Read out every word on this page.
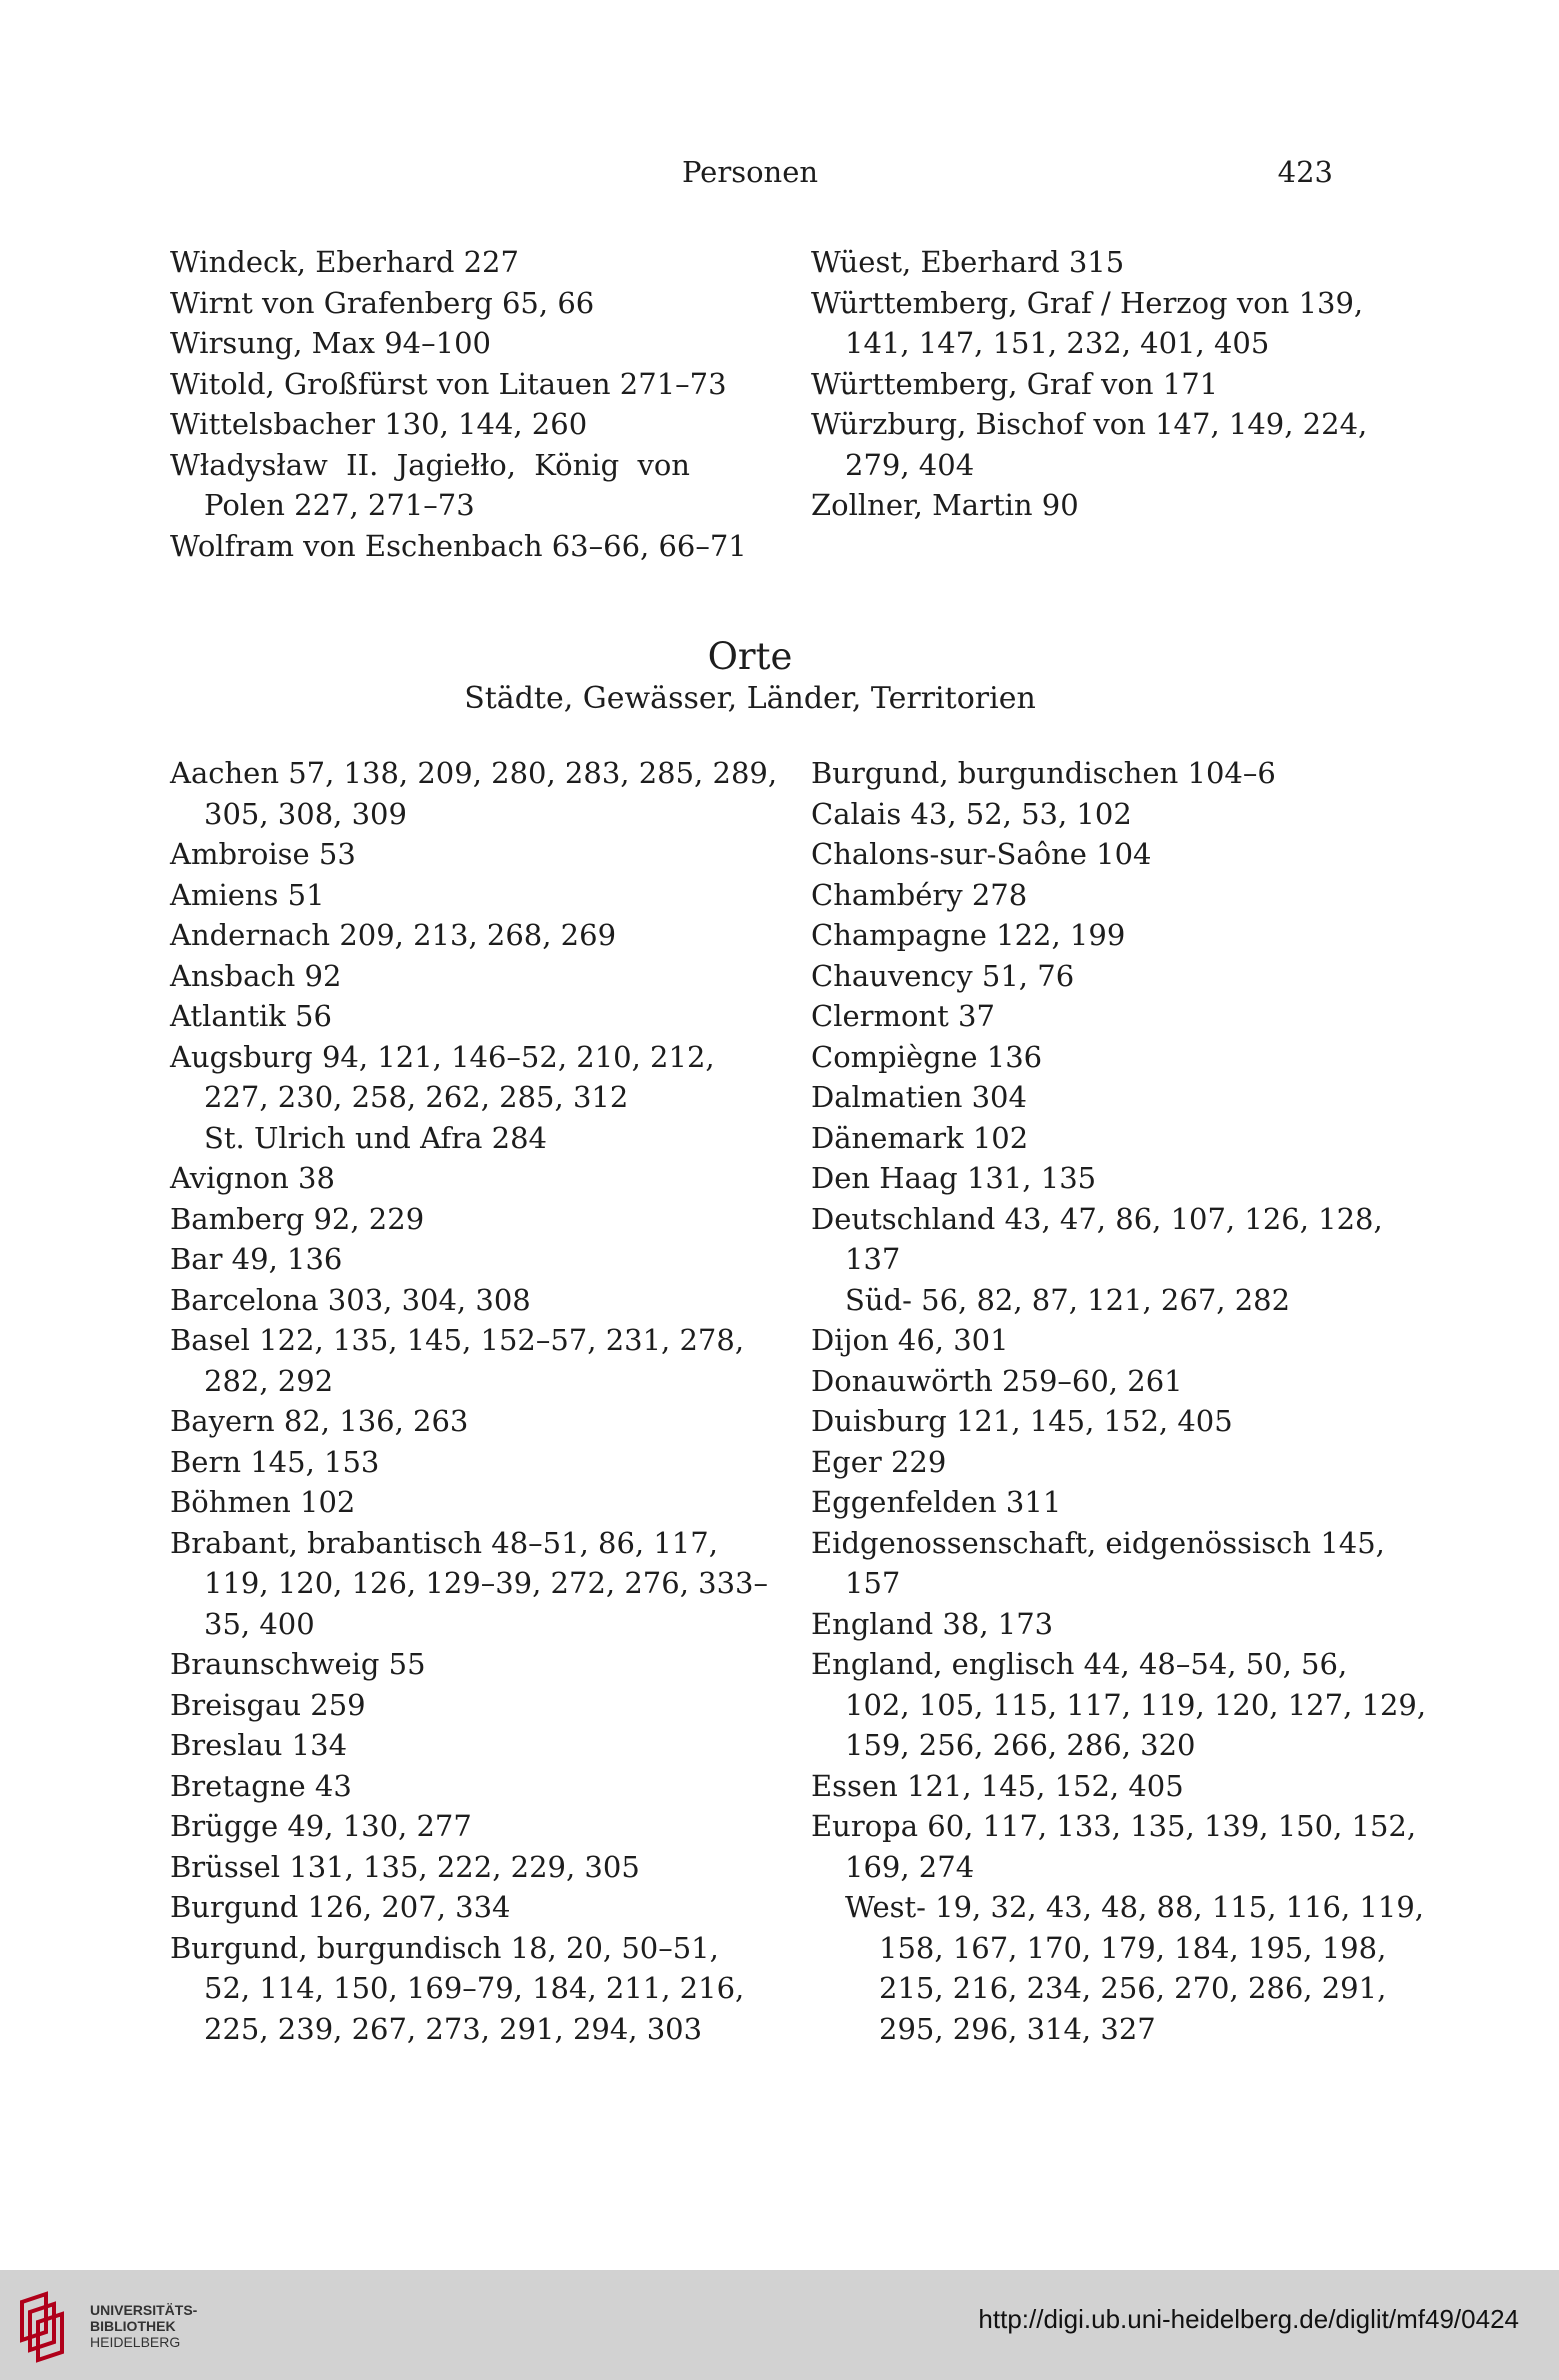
Personen	423
Windeck, Eberhard 227
Wirnt von Grafenberg 65, 66
Wirsung, Max 94–100
Witold, Großfürst von Litauen 271–73
Wittelsbacher 130, 144, 260
Władysław II. Jagiełło, König von
Polen 227, 271–73
Wolfram von Eschenbach 63–66, 66–71
Wüest, Eberhard 315
Württemberg, Graf / Herzog von 139,
141, 147, 151, 232, 401, 405
Württemberg, Graf von 171
Würzburg, Bischof von 147, 149, 224,
279, 404
Zollner, Martin 90
Orte
Städte, Gewässer, Länder, Territorien
Aachen 57, 138, 209, 280, 283, 285, 289,
305, 308, 309
Ambroise 53
Amiens 51
Andernach 209, 213, 268, 269
Ansbach 92
Atlantik 56
Augsburg 94, 121, 146–52, 210, 212,
227, 230, 258, 262, 285, 312
St. Ulrich und Afra 284
Avignon 38
Bamberg 92, 229
Bar 49, 136
Barcelona 303, 304, 308
Basel 122, 135, 145, 152–57, 231, 278,
282, 292
Bayern 82, 136, 263
Bern 145, 153
Böhmen 102
Brabant, brabantisch 48–51, 86, 117,
119, 120, 126, 129–39, 272, 276, 333–
35, 400
Braunschweig 55
Breisgau 259
Breslau 134
Bretagne 43
Brügge 49, 130, 277
Brüssel 131, 135, 222, 229, 305
Burgund 126, 207, 334
Burgund, burgundisch 18, 20, 50–51,
52, 114, 150, 169–79, 184, 211, 216,
225, 239, 267, 273, 291, 294, 303
Burgund, burgundischen 104–6
Calais 43, 52, 53, 102
Chalons-sur-Saône 104
Chambéry 278
Champagne 122, 199
Chauvency 51, 76
Clermont 37
Compiègne 136
Dalmatien 304
Dänemark 102
Den Haag 131, 135
Deutschland 43, 47, 86, 107, 126, 128,
137
Süd- 56, 82, 87, 121, 267, 282
Dijon 46, 301
Donauwörth 259–60, 261
Duisburg 121, 145, 152, 405
Eger 229
Eggenfelden 311
Eidgenossenschaft, eidgenössisch 145,
157
England 38, 173
England, englisch 44, 48–54, 50, 56,
102, 105, 115, 117, 119, 120, 127, 129,
159, 256, 266, 286, 320
Essen 121, 145, 152, 405
Europa 60, 117, 133, 135, 139, 150, 152,
169, 274
West- 19, 32, 43, 48, 88, 115, 116, 119,
158, 167, 170, 179, 184, 195, 198,
215, 216, 234, 256, 270, 286, 291,
295, 296, 314, 327
UNIVERSITÄTS-
BIBLIOTHEK
HEIDELBERG
http://digi.ub.uni-heidelberg.de/diglit/mf49/0424
